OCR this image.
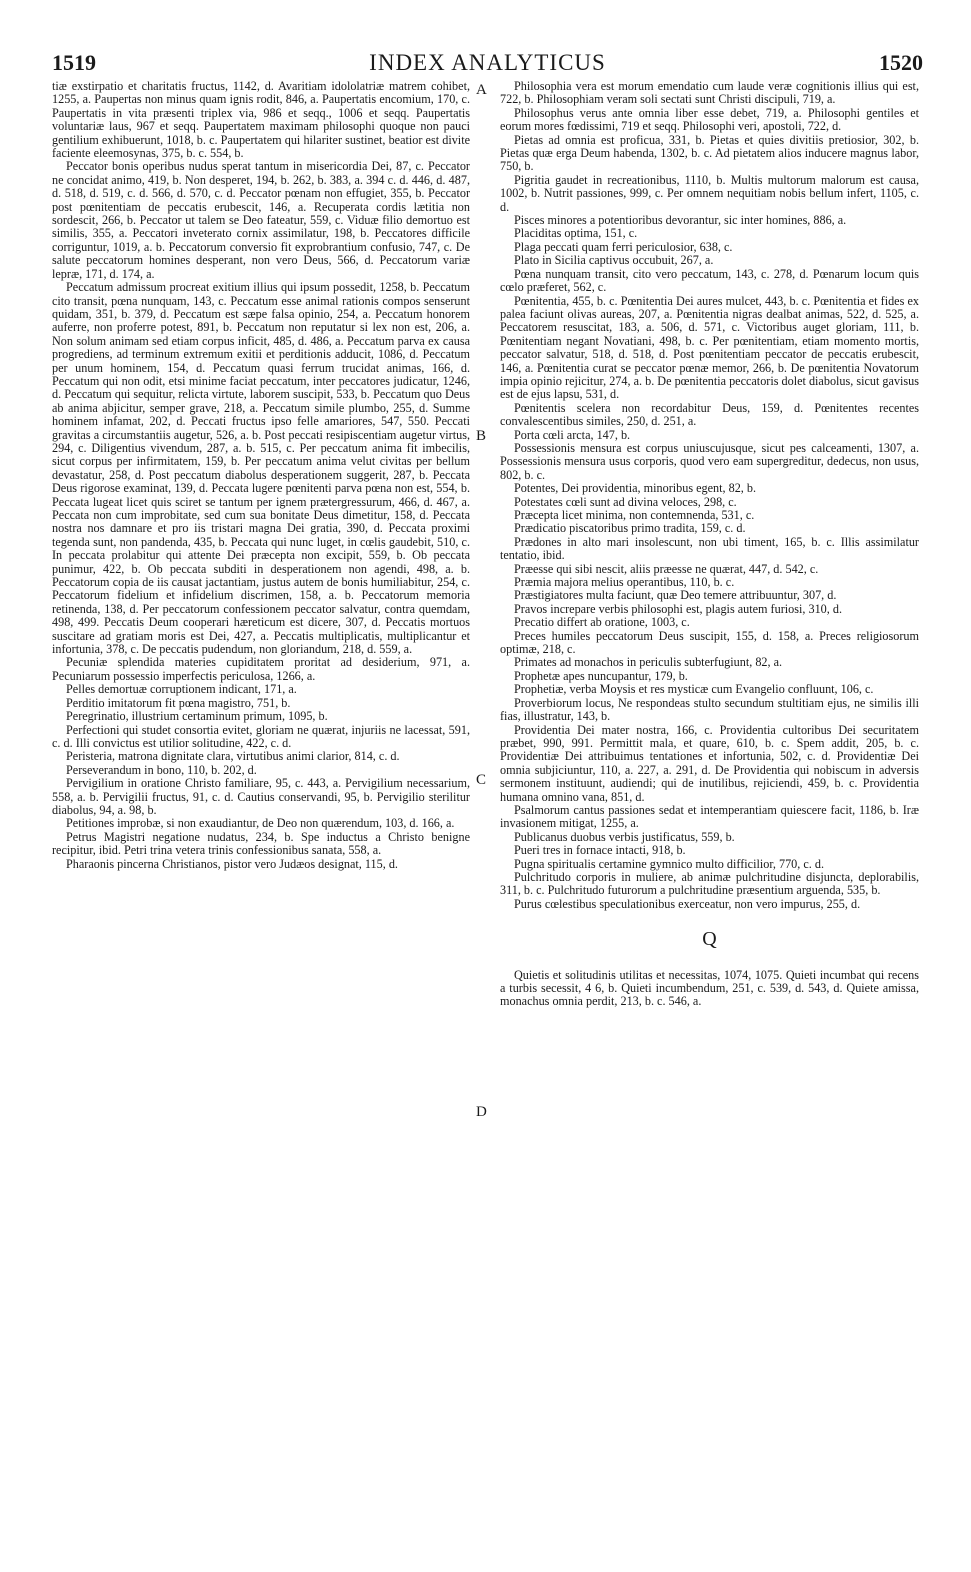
1519	INDEX ANALYTICUS	1520
A
B
C
D

tiæ exstirpatio et charitatis fructus, 1142, d. Avaritiam idololatriæ matrem cohibet, 1255, a. Paupertas non minus quam ignis rodit, 846, a. Paupertatis encomium, 170, c. Paupertatis in vita præsenti triplex via, 986 et seqq., 1006 et seqq. Paupertatis voluntariæ laus, 967 et seqq. Paupertatem maximam philosophi quoque non pauci gentilium exhibuerunt, 1018, b. c. Paupertatem qui hilariter sustinet, beatior est divite faciente eleemosynas, 375, b. c. 554, b.

Peccator bonis operibus nudus sperat tantum in misericordia Dei, 87, c. Peccator ne concidat animo, 419, b. Non desperet, 194, b. 262, b. 383, a. 394 c. d. 446, d. 487, d. 518, d. 519, c. d. 566, d. 570, c. d. Peccator pœnam non effugiet, 355, b. Peccator post pœnitentiam de peccatis erubescit, 146, a. Recuperata cordis lætitia non sordescit, 266, b. Peccator ut talem se Deo fateatur, 559, c. Viduæ filio demortuo est similis, 355, a. Peccatori inveterato cornix assimilatur, 198, b. Peccatores difficile corriguntur, 1019, a. b. Peccatorum conversio fit exprobrantium confusio, 747, c. De salute peccatorum homines desperant, non vero Deus, 566, d. Peccatorum variæ lepræ, 171, d. 174, a.

Peccatum admissum procreat exitium illius qui ipsum possedit, 1258, b. Peccatum cito transit, pœna nunquam, 143, c. Peccatum esse animal rationis compos senserunt quidam, 351, b. 379, d. Peccatum est sæpe falsa opinio, 254, a. Peccatum honorem auferre, non proferre potest, 891, b. Peccatum non reputatur si lex non est, 206, a. Non solum animam sed etiam corpus inficit, 485, d. 486, a. Peccatum parva ex causa progrediens, ad terminum extremum exitii et perditionis adducit, 1086, d. Peccatum per unum hominem, 154, d. Peccatum quasi ferrum trucidat animas, 166, d. Peccatum qui non odit, etsi minime faciat peccatum, inter peccatores judicatur, 1246, d. Peccatum qui sequitur, relicta virtute, laborem suscipit, 533, b. Peccatum quo Deus ab anima abjicitur, semper grave, 218, a. Peccatum simile plumbo, 255, d. Summe hominem infamat, 202, d. Peccati fructus ipso felle amariores, 547, 550. Peccati gravitas a circumstantiis augetur, 526, a. b. Post peccati resipiscentiam augetur virtus, 294, c. Diligentius vivendum, 287, a. b. 515, c. Per peccatum anima fit imbecilis, sicut corpus per infirmitatem, 159, b. Per peccatum anima velut civitas per bellum devastatur, 258, d. Post peccatum diabolus desperationem suggerit, 287, b. Peccata Deus rigorose examinat, 139, d. Peccata lugere pœnitenti parva pœna non est, 554, b. Peccata lugeat licet quis sciret se tantum per ignem prætergressurum, 466, d. 467, a. Peccata non cum improbitate, sed cum sua bonitate Deus dimetitur, 158, d. Peccata nostra nos damnare et pro iis tristari magna Dei gratia, 390, d. Peccata proximi tegenda sunt, non pandenda, 435, b. Peccata qui nunc luget, in cœlis gaudebit, 510, c. In peccata prolabitur qui attente Dei præcepta non excipit, 559, b. Ob peccata punimur, 422, b. Ob peccata subditi in desperationem non agendi, 498, a. b. Peccatorum copia de iis causat jactantiam, justus autem de bonis humiliabitur, 254, c. Peccatorum fidelium et infidelium discrimen, 158, a. b. Peccatorum memoria retinenda, 138, d. Per peccatorum confessionem peccator salvatur, contra quemdam, 498, 499. Peccatis Deum cooperari hæreticum est dicere, 307, d. Peccatis mortuos suscitare ad gratiam moris est Dei, 427, a. Peccatis multiplicatis, multiplicantur et infortunia, 378, c. De peccatis pudendum, non gloriandum, 218, d. 559, a.

Pecuniæ splendida materies cupiditatem proritat ad desiderium, 971, a. Pecuniarum possessio imperfectis periculosa, 1266, a.

Pelles demortuæ corruptionem indicant, 171, a.

Perditio imitatorum fit pœna magistro, 751, b.

Peregrinatio, illustrium certaminum primum, 1095, b.

Perfectioni qui studet consortia evitet, gloriam ne quærat, injuriis ne lacessat, 591, c. d. Illi convictus est utilior solitudine, 422, c. d.

Peristeria, matrona dignitate clara, virtutibus animi clarior, 814, c. d.

Perseverandum in bono, 110, b. 202, d.

Pervigilium in oratione Christo familiare, 95, c. 443, a. Pervigilium necessarium, 558, a. b. Pervigilii fructus, 91, c. d. Cautius conservandi, 95, b. Pervigilio sterilitur diabolus, 94, a. 98, b.

Petitiones improbæ, si non exaudiantur, de Deo non quærendum, 103, d. 166, a.

Petrus Magistri negatione nudatus, 234, b. Spe inductus a Christo benigne recipitur, ibid. Petri trina vetera trinis confessionibus sanata, 558, a.

Pharaonis pincerna Christianos, pistor vero Judæos designat, 115, d.

Philosophia vera est morum emendatio cum laude veræ cognitionis illius qui est, 722, b. Philosophiam veram soli sectati sunt Christi discipuli, 719, a.

Philosophus verus ante omnia liber esse debet, 719, a. Philosophi gentiles et eorum mores fœdissimi, 719 et seqq. Philosophi veri, apostoli, 722, d.

Pietas ad omnia est proficua, 331, b. Pietas et quies divitiis pretiosior, 302, b. Pietas quæ erga Deum habenda, 1302, b. c. Ad pietatem alios inducere magnus labor, 750, b.

Pigritia gaudet in recreationibus, 1110, b. Multis multorum malorum est causa, 1002, b. Nutrit passiones, 999, c. Per omnem nequitiam nobis bellum infert, 1105, c. d.

Pisces minores a potentioribus devorantur, sic inter homines, 886, a.

Placiditas optima, 151, c.

Plaga peccati quam ferri periculosior, 638, c.

Plato in Sicilia captivus occubuit, 267, a.

Pœna nunquam transit, cito vero peccatum, 143, c. 278, d. Pœnarum locum quis cœlo præferet, 562, c.

Pœnitentia, 455, b. c. Pœnitentia Dei aures mulcet, 443, b. c. Pœnitentia et fides ex palea faciunt olivas aureas, 207, a. Pœnitentia nigras dealbat animas, 522, d. 525, a. Peccatorem resuscitat, 183, a. 506, d. 571, c. Victoribus auget gloriam, 111, b. Pœnitentiam negant Novatiani, 498, b. c. Per pœnitentiam, etiam momento mortis, peccator salvatur, 518, d. 518, d. Post pœnitentiam peccator de peccatis erubescit, 146, a. Pœnitentia curat se peccator pœnæ memor, 266, b. De pœnitentia Novatorum impia opinio rejicitur, 274, a. b. De pœnitentia peccatoris dolet diabolus, sicut gavisus est de ejus lapsu, 531, d.

Pœnitentis scelera non recordabitur Deus, 159, d. Pœnitentes recentes convalescentibus similes, 250, d. 251, a.

Porta cœli arcta, 147, b.

Possessionis mensura est corpus uniuscujusque, sicut pes calceamenti, 1307, a. Possessionis mensura usus corporis, quod vero eam supergreditur, dedecus, non usus, 802, b. c.

Potentes, Dei providentia, minoribus egent, 82, b.

Potestates cœli sunt ad divina veloces, 298, c.

Præcepta licet minima, non contemnenda, 531, c.

Prædicatio piscatoribus primo tradita, 159, c. d.

Prædones in alto mari insolescunt, non ubi timent, 165, b. c. Illis assimilatur tentatio, ibid.

Præesse qui sibi nescit, aliis præesse ne quærat, 447, d. 542, c.

Præmia majora melius operantibus, 110, b. c.

Præstigiatores multa faciunt, quæ Deo temere attribuuntur, 307, d.

Pravos increpare verbis philosophi est, plagis autem furiosi, 310, d.

Precatio differt ab oratione, 1003, c.

Preces humiles peccatorum Deus suscipit, 155, d. 158, a. Preces religiosorum optimæ, 218, c.

Primates ad monachos in periculis subterfugiunt, 82, a.

Prophetæ apes nuncupantur, 179, b.

Prophetiæ, verba Moysis et res mysticæ cum Evangelio confluunt, 106, c.

Proverbiorum locus, Ne respondeas stulto secundum stultitiam ejus, ne similis illi fias, illustratur, 143, b.

Providentia Dei mater nostra, 166, c. Providentia cultoribus Dei securitatem præbet, 990, 991. Permittit mala, et quare, 610, b. c. Spem addit, 205, b. c. Providentiæ Dei attribuimus tentationes et infortunia, 502, c. d. Providentiæ Dei omnia subjiciuntur, 110, a. 227, a. 291, d. De Providentia qui nobiscum in adversis sermonem instituunt, audiendi; qui de inutilibus, rejiciendi, 459, b. c. Providentia humana omnino vana, 851, d.

Psalmorum cantus passiones sedat et intemperantiam quiescere facit, 1186, b. Iræ invasionem mitigat, 1255, a.

Publicanus duobus verbis justificatus, 559, b.

Pueri tres in fornace intacti, 918, b.

Pugna spiritualis certamine gymnico multo difficilior, 770, c. d.

Pulchritudo corporis in muliere, ab animæ pulchritudine disjuncta, deplorabilis, 311, b. c. Pulchritudo futurorum a pulchritudine præsentium arguenda, 535, b.

Purus cœlestibus speculationibus exerceatur, non vero impurus, 255, d.

Q

Quietis et solitudinis utilitas et necessitas, 1074, 1075. Quieti incumbat qui recens a turbis secessit, 4 6, b. Quieti incumbendum, 251, c. 539, d. 543, d. Quiete amissa, monachus omnia perdit, 213, b. c. 546, a.
